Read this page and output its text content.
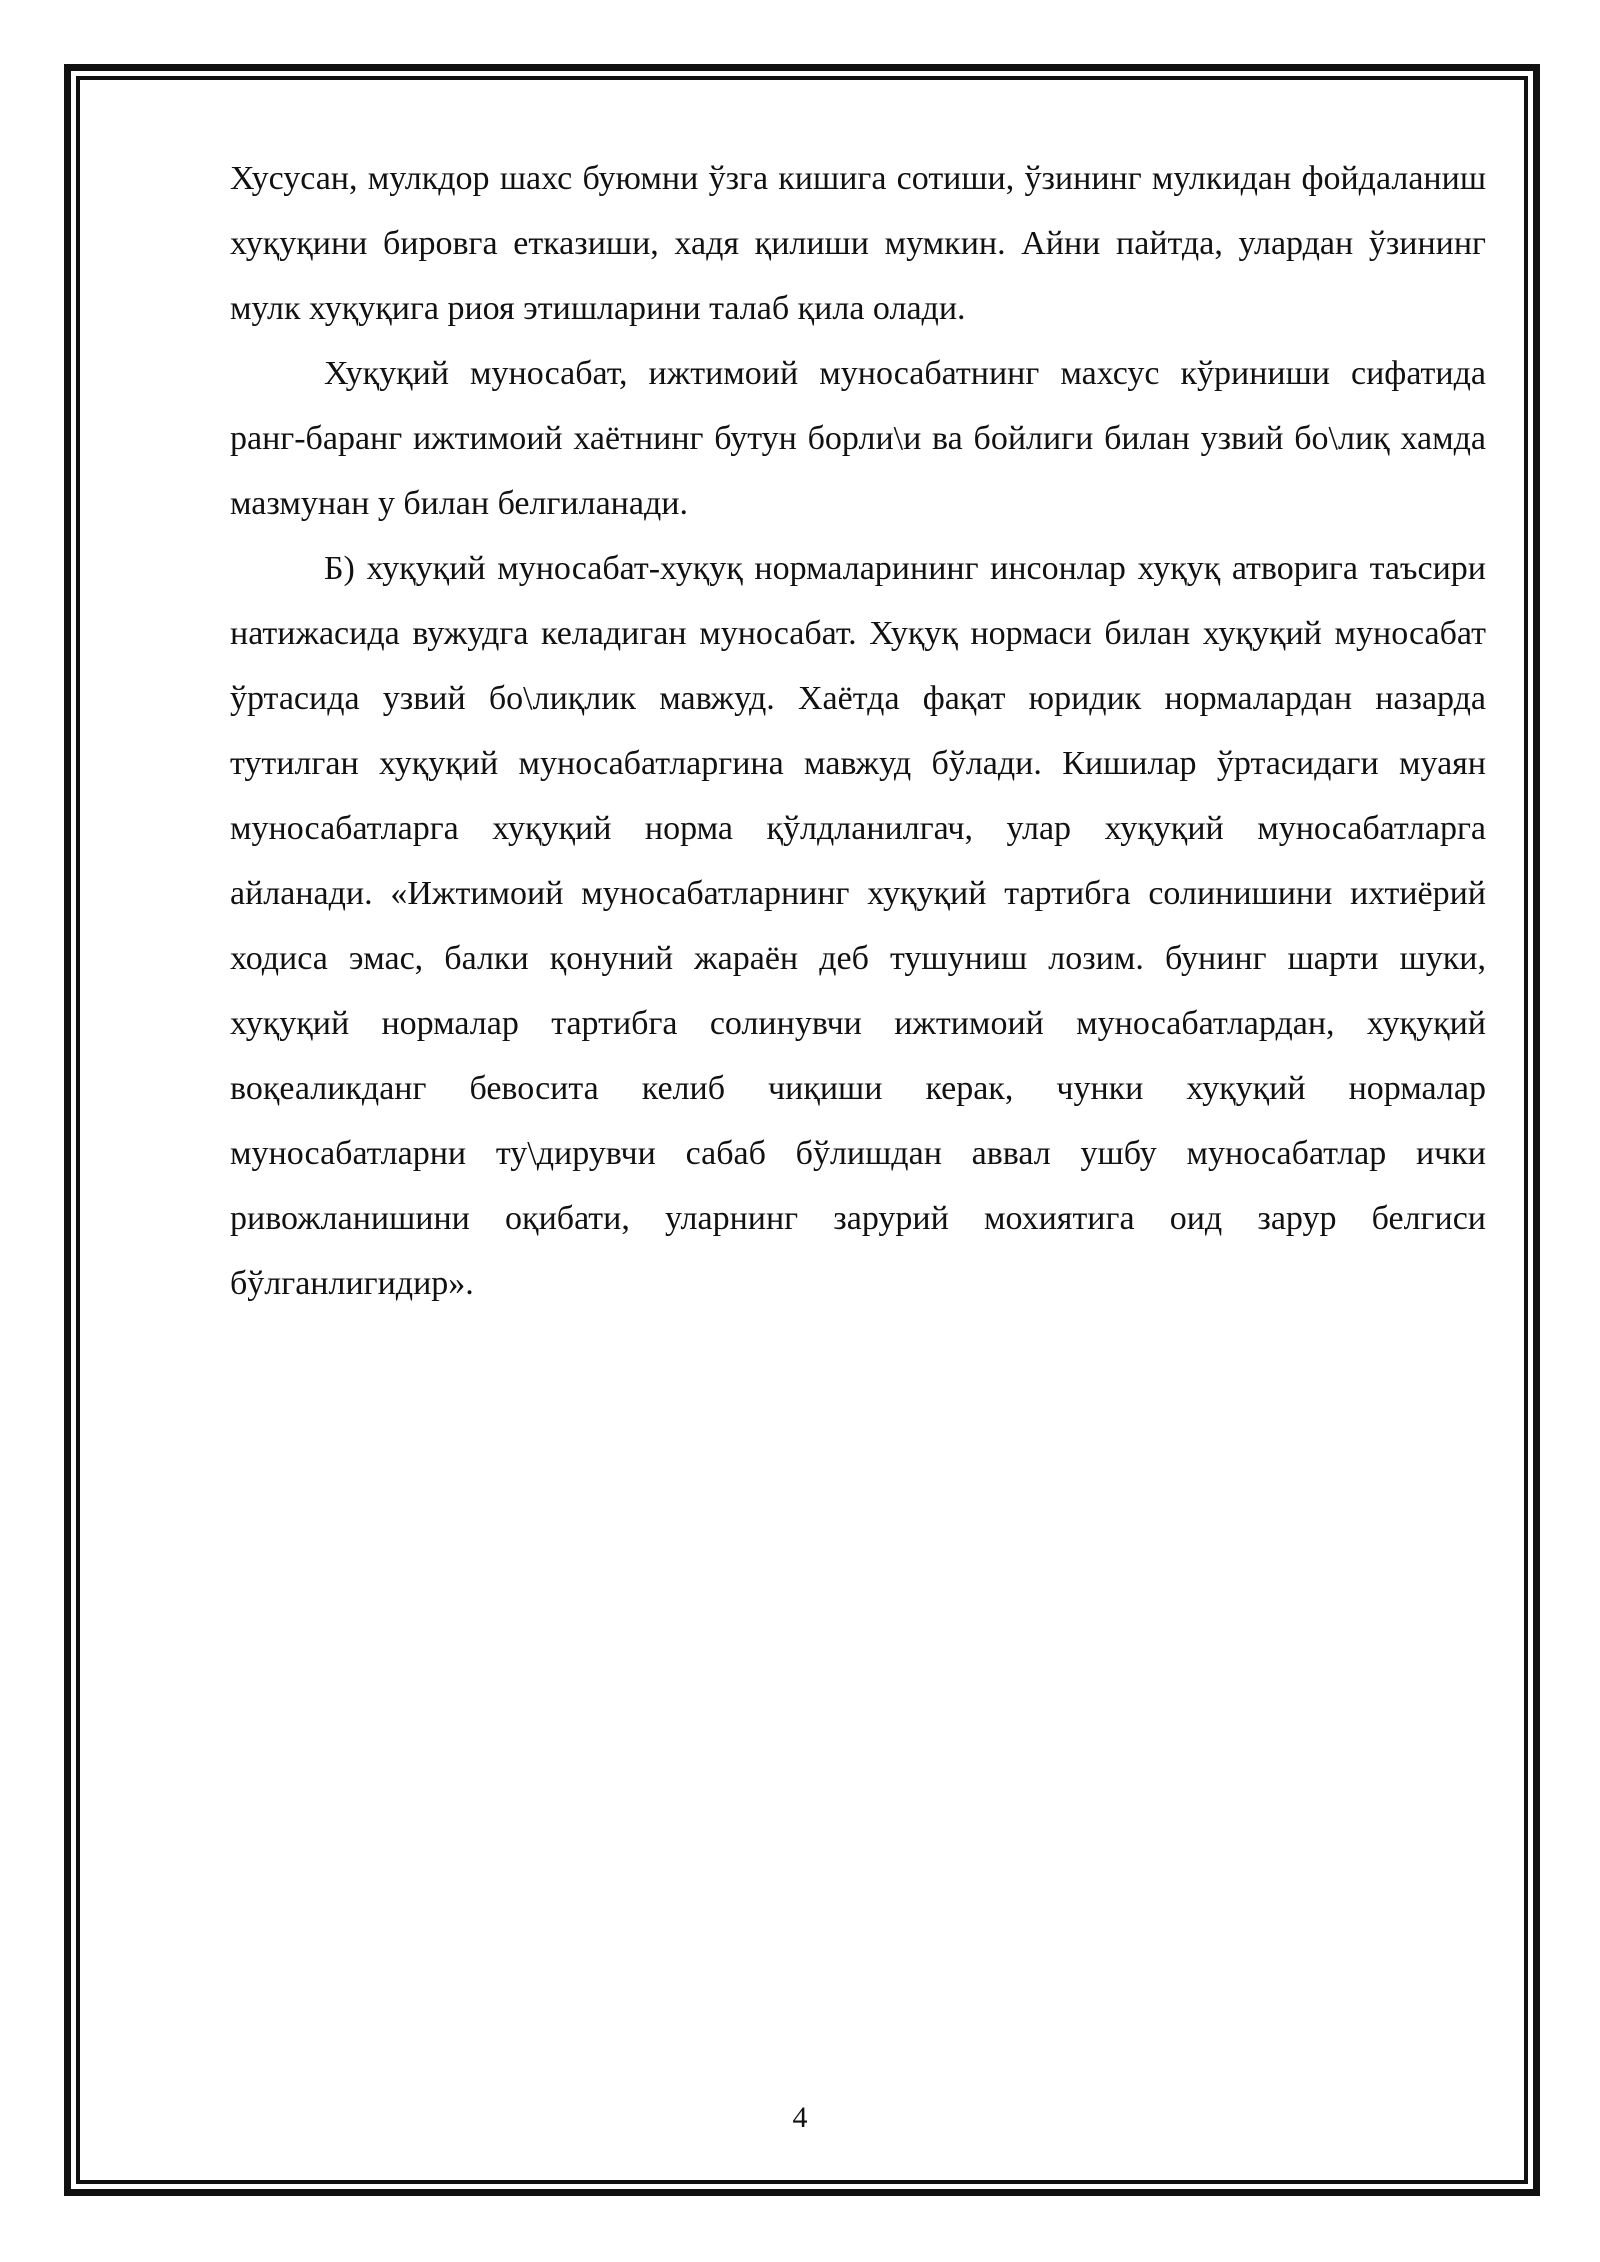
Хусусан, мулкдор шахс буюмни ўзга кишига сотиши, ўзининг мулкидан фойдаланиш хуқуқини бировга етказиши, хадя қилиши мумкин. Айни пайтда, улардан ўзининг мулк хуқуқига риоя этишларини талаб қила олади.

Хуқуқий муносабат, ижтимоий муносабатнинг махсус кўриниши сифатида ранг-баранг ижтимоий хаётнинг бутун борли\и ва бойлиги билан узвий бо\лиқ хамда мазмунан у билан белгиланади.

Б) хуқуқий муносабат-хуқуқ нормаларининг инсонлар хуқуқ атворига таъсири натижасида вужудга келадиган муносабат. Хуқуқ нормаси билан хуқуқий муносабат ўртасида узвий бо\лиқлик мавжуд. Хаётда фақат юридик нормалардан назарда тутилган хуқуқий муносабатларгина мавжуд бўлади. Кишилар ўртасидаги муаян муносабатларга хуқуқий норма қўлдланилгач, улар хуқуқий муносабатларга айланади. «Ижтимоий муносабатларнинг хуқуқий тартибга солинишини ихтиёрий ходиса эмас, балки қонуний жараён деб тушуниш лозим. бунинг шарти шуки, хуқуқий нормалар тартибга солинувчи ижтимоий муносабатлардан, хуқуқий воқеаликданг бевосита келиб чиқиши керак, чунки хуқуқий нормалар муносабатларни ту\дирувчи сабаб бўлишдан аввал ушбу муносабатлар ички ривожланишини оқибати, уларнинг зарурий мохиятига оид зарур белгиси бўлганлигидир».

4
